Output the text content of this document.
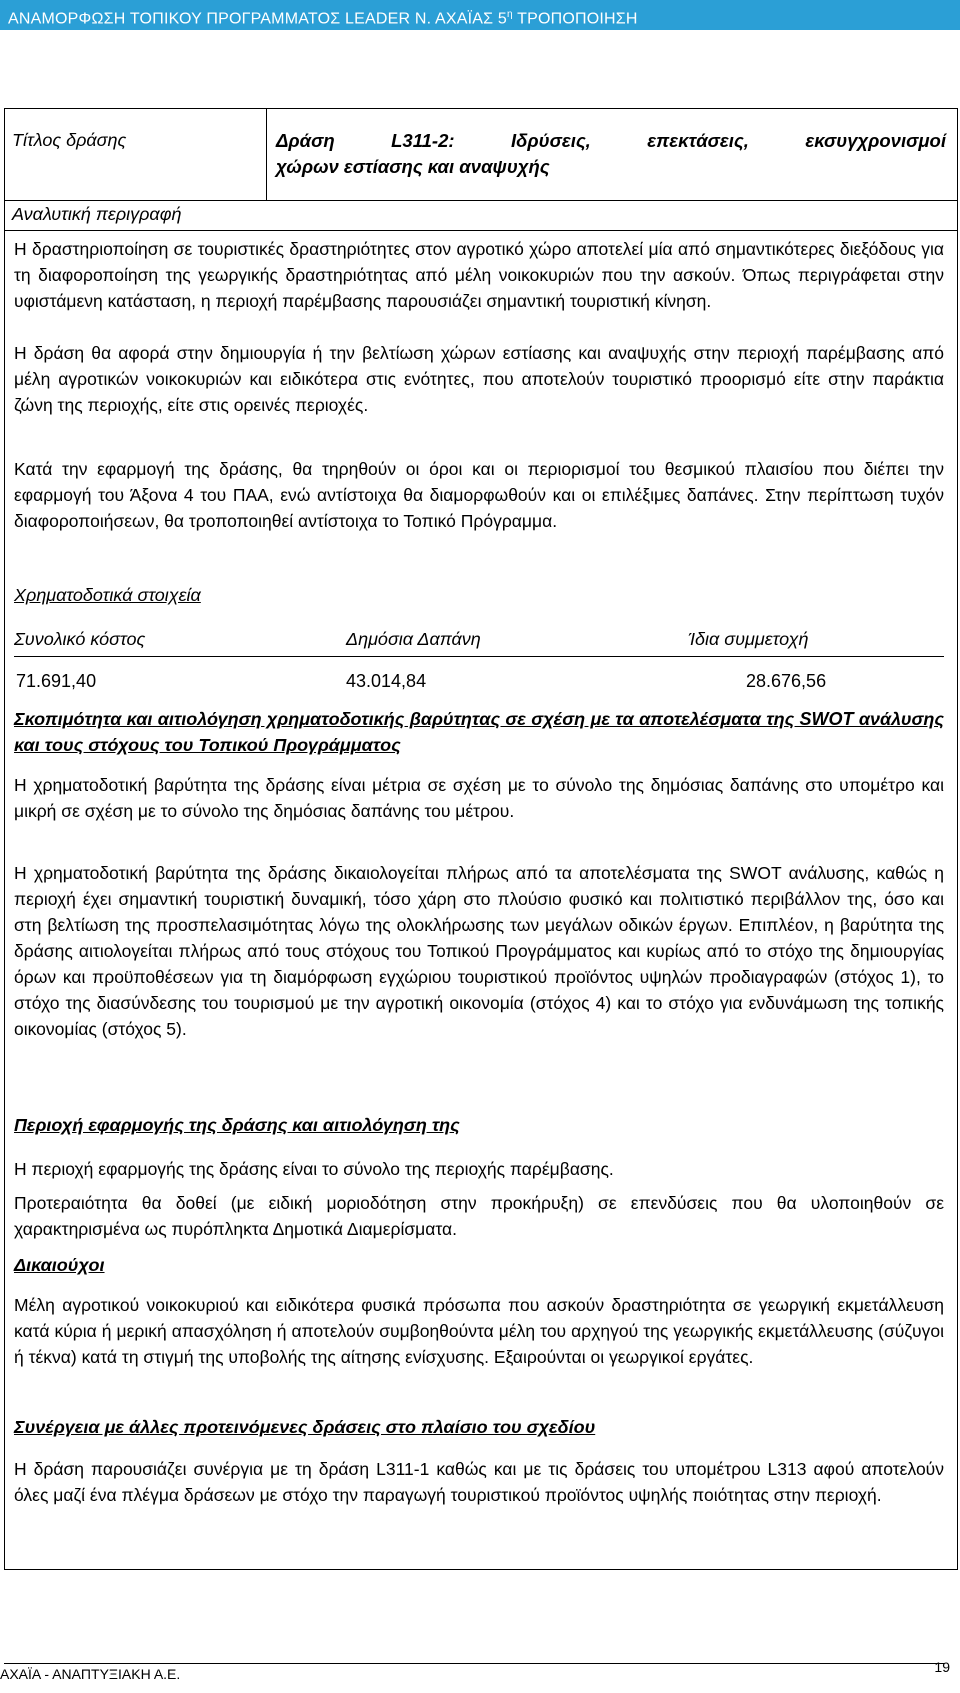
ΑΝΑΜΟΡΦΩΣΗ ΤΟΠΙΚΟΥ ΠΡΟΓΡΑΜΜΑΤΟΣ LEADER Ν. ΑΧΑΪΑΣ $5^\eta$ ΤΡΟΠΟΠΟΙΗΣΗ
Τίτλος δράσης	Δράση L311-2: Ιδρύσεις, επεκτάσεις, εκσυγχρονισμοί
χώρων εστίασης και αναψυχής
Αναλυτική περιγραφή

Η δραστηριοποίηση σε τουριστικές δραστηριότητες στον αγροτικό χώρο αποτελεί μία από σημαντικότερες διεξόδους για τη διαφοροποίηση της γεωργικής δραστηριότητας από μέλη νοικοκυριών που την ασκούν. Όπως περιγράφεται στην υφιστάμενη κατάσταση, η περιοχή παρέμβασης παρουσιάζει σημαντική τουριστική κίνηση.

Η δράση θα αφορά στην δημιουργία ή την βελτίωση χώρων εστίασης και αναψυχής στην περιοχή παρέμβασης από μέλη αγροτικών νοικοκυριών και ειδικότερα στις ενότητες, που αποτελούν τουριστικό προορισμό είτε στην παράκτια ζώνη της περιοχής, είτε στις ορεινές περιοχές.

Κατά την εφαρμογή της δράσης, θα τηρηθούν οι όροι και οι περιορισμοί του θεσμικού πλαισίου που διέπει την εφαρμογή του Άξονα 4 του ΠΑΑ, ενώ αντίστοιχα θα διαμορφωθούν και οι επιλέξιμες δαπάνες. Στην περίπτωση τυχόν διαφοροποιήσεων, θα τροποποιηθεί αντίστοιχα το Τοπικό Πρόγραμμα.

Χρηματοδοτικά στοιχεία

Συνολικό κόστος	Δημόσια Δαπάνη	Ίδια συμμετοχή
71.691,40	43.014,84	28.676,56

Σκοπιμότητα και αιτιολόγηση χρηματοδοτικής βαρύτητας σε σχέση με τα αποτελέσματα της SWOT ανάλυσης και τους στόχους του Τοπικού Προγράμματος

Η χρηματοδοτική βαρύτητα της δράσης είναι μέτρια σε σχέση με το σύνολο της δημόσιας δαπάνης στο υπομέτρο και μικρή σε σχέση με το σύνολο της δημόσιας δαπάνης του μέτρου.

Η χρηματοδοτική βαρύτητα της δράσης δικαιολογείται πλήρως από τα αποτελέσματα της SWOT ανάλυσης, καθώς η περιοχή έχει σημαντική τουριστική δυναμική, τόσο χάρη στο πλούσιο φυσικό και πολιτιστικό περιβάλλον της, όσο και στη βελτίωση της προσπελασιμότητας λόγω της ολοκλήρωσης των μεγάλων οδικών έργων. Επιπλέον, η βαρύτητα της δράσης αιτιολογείται πλήρως από τους στόχους του Τοπικού Προγράμματος και κυρίως από το στόχο της δημιουργίας όρων και προϋποθέσεων για τη διαμόρφωση εγχώριου τουριστικού προϊόντος υψηλών προδιαγραφών (στόχος 1), το στόχο της διασύνδεσης του τουρισμού με την αγροτική οικονομία (στόχος 4) και το στόχο για ενδυνάμωση της τοπικής οικονομίας (στόχος 5).

Περιοχή εφαρμογής της δράσης και αιτιολόγηση της

Η περιοχή εφαρμογής της δράσης είναι το σύνολο της περιοχής παρέμβασης.

Προτεραιότητα θα δοθεί (με ειδική μοριοδότηση στην προκήρυξη) σε επενδύσεις που θα υλοποιηθούν σε χαρακτηρισμένα ως πυρόπληκτα Δημοτικά Διαμερίσματα.

Δικαιούχοι

Μέλη αγροτικού νοικοκυριού και ειδικότερα φυσικά πρόσωπα που ασκούν δραστηριότητα σε γεωργική εκμετάλλευση κατά κύρια ή μερική απασχόληση ή αποτελούν συμβοηθούντα μέλη του αρχηγού της γεωργικής εκμετάλλευσης (σύζυγοι ή τέκνα) κατά τη στιγμή της υποβολής της αίτησης ενίσχυσης. Εξαιρούνται οι γεωργικοί εργάτες.

Συνέργεια με άλλες προτεινόμενες δράσεις στο πλαίσιο του σχεδίου

Η δράση παρουσιάζει συνέργια με τη δράση L311-1 καθώς και με τις δράσεις του υπομέτρου L313 αφού αποτελούν όλες μαζί ένα πλέγμα δράσεων με στόχο την παραγωγή τουριστικού προϊόντος υψηλής ποιότητας στην περιοχή.

ΑΧΑΪΑ - ΑΝΑΠΤΥΞΙΑΚΗ Α.Ε.	19
